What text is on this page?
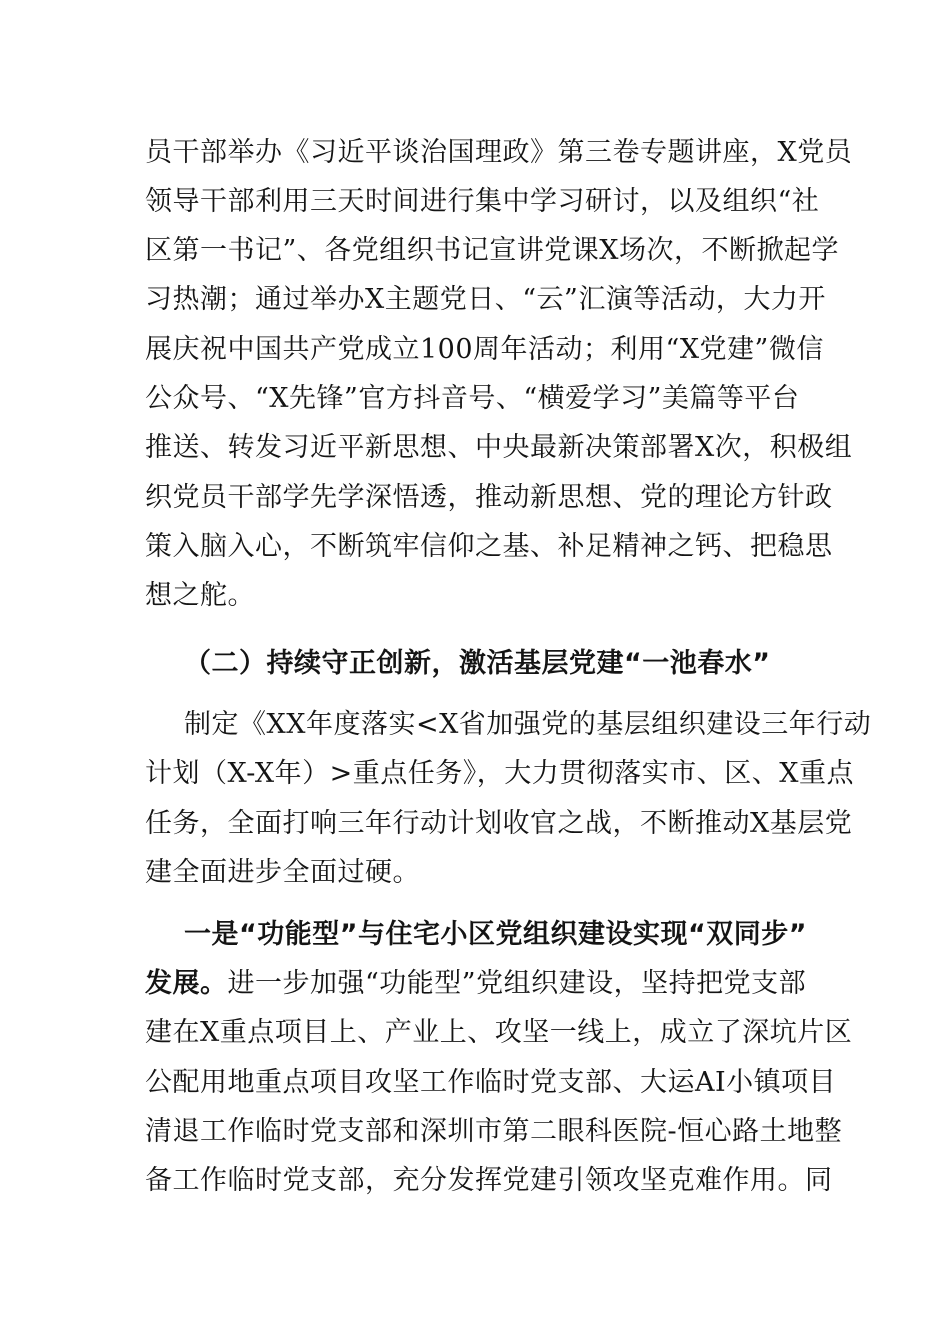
员干部举办《习近平谈治国理政》第三卷专题讲座，X党员
领导干部利用三天时间进行集中学习研讨，以及组织“社
区第一书记”、各党组织书记宣讲党课X场次，不断掀起学
习热潮；通过举办X主题党日、“云”汇演等活动，大力开
展庆祝中国共产党成立100周年活动；利用“X党建”微信
公众号、“X先锋”官方抖音号、“横爱学习”美篇等平台
推送、转发习近平新思想、中央最新决策部署X次，积极组
织党员干部学先学深悟透，推动新思想、党的理论方针政
策入脑入心，不断筑牢信仰之基、补足精神之钙、把稳思
想之舵。
（二）持续守正创新，激活基层党建“一池春水”
制定《XX年度落实<X省加强党的基层组织建设三年行动
计划（X-X年）>重点任务》，大力贯彻落实市、区、X重点
任务，全面打响三年行动计划收官之战，不断推动X基层党
建全面进步全面过硬。
一是“功能型”与住宅小区党组织建设实现“双同步”
发展。进一步加强“功能型”党组织建设，坚持把党支部
建在X重点项目上、产业上、攻坚一线上，成立了深坑片区
公配用地重点项目攻坚工作临时党支部、大运AI小镇项目
清退工作临时党支部和深圳市第二眼科医院-恒心路土地整
备工作临时党支部，充分发挥党建引领攻坚克难作用。同
